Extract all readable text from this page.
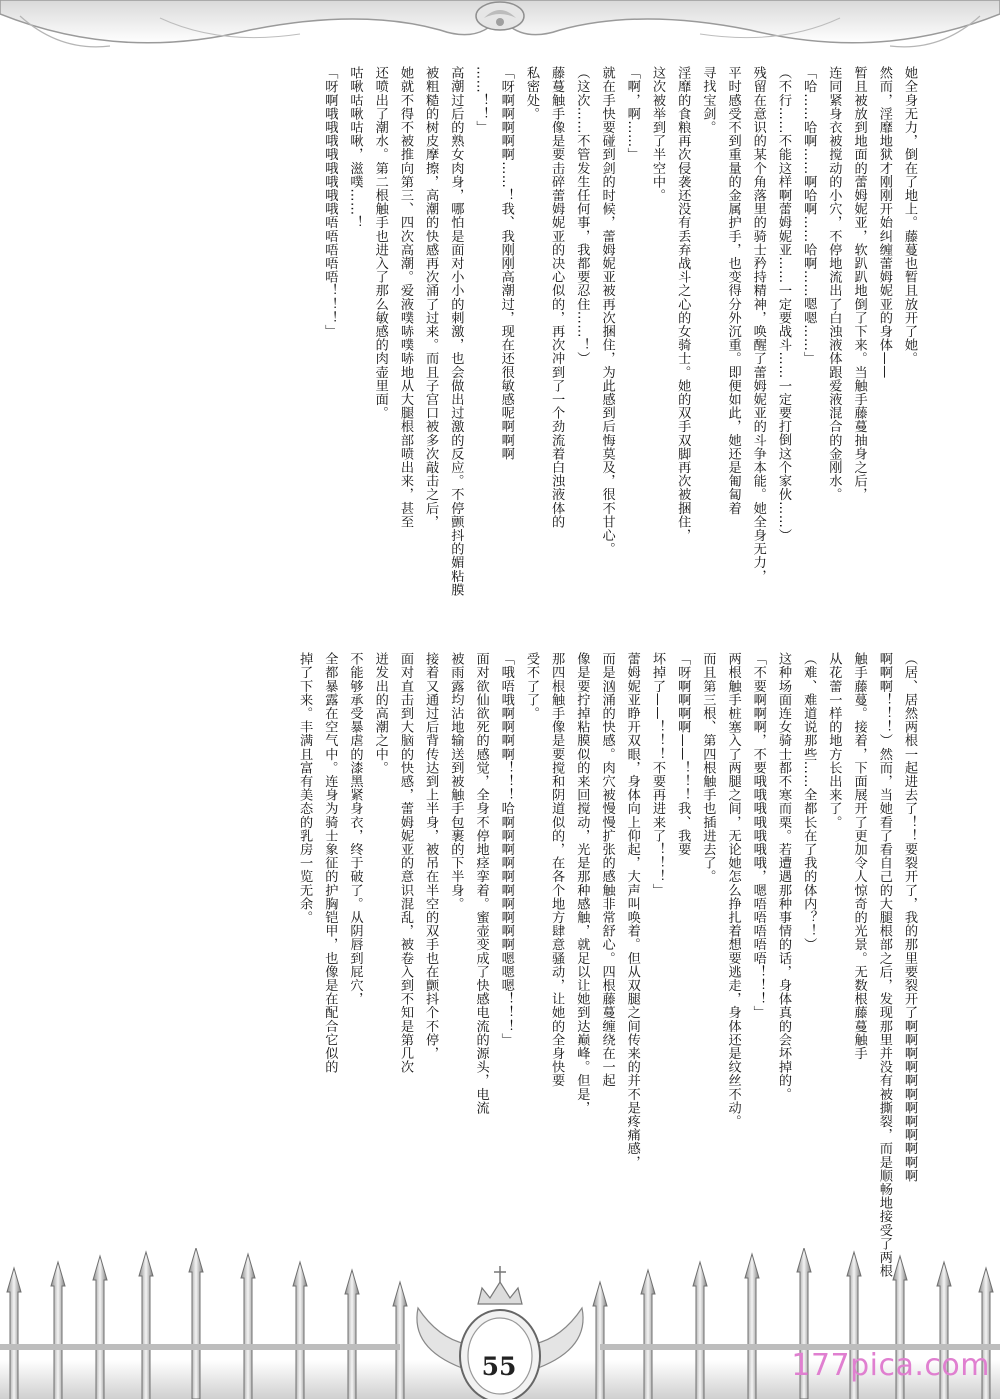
她全身无力，倒在了地上。藤蔓也暂且放开了她。
然而，淫靡地狱才刚刚开始纠缠蕾姆妮亚的身体——
暂且被放到地面的蕾姆妮亚，软趴趴地倒了下来。当触手藤蔓抽身之后，
连同紧身衣被搅动的小穴，不停地流出了白浊液体跟爱液混合的金刚水。
「哈……哈啊……啊哈啊……哈啊……嗯嗯……」
（不行……不能这样啊蕾姆妮亚……一定要战斗……一定要打倒这个家伙……）
残留在意识的某个角落里的骑士矜持精神，唤醒了蕾姆妮亚的斗争本能。她全身无力，
平时感受不到重量的金属护手，也变得分外沉重。即便如此，她还是匍匐着
寻找宝剑。
淫靡的食粮再次侵袭还没有丢弃战斗之心的女骑士。她的双手双脚再次被捆住，
这次被举到了半空中。
「啊，啊……」
就在手快要碰到剑的时候，蕾姆妮亚被再次捆住，为此感到后悔莫及，很不甘心。
（这次……不管发生任何事，我都要忍住……！）
藤蔓触手像是要击碎蕾姆妮亚的决心似的，再次冲到了一个劲流着白浊液体的
私密处。
「呀啊啊啊啊啊……！我、我刚刚高潮过，现在还很敏感呢啊啊啊
……！！」
高潮过后的熟女肉身，哪怕是面对小小的刺激，也会做出过激的反应。不停颤抖的媚粘膜
被粗糙的树皮摩擦，高潮的快感再次涌了过来。而且子宫口被多次敲击之后，
她就不得不被推向第三、四次高潮。爱液噗哧噗哧地从大腿根部喷出来，甚至
还喷出了潮水。第二根触手也进入了那么敏感的肉壶里面。
咕啾咕啾咕啾，滋噗……！
「呀啊哦哦哦哦哦哦哦哦唔唔唔唔唔！！！」
（居、居然两根一起进去了！！要裂开了，我的那里要裂开了啊啊啊啊啊啊啊啊啊啊啊啊
啊啊啊！！！）然而，当她看了看自己的大腿根部之后，发现那里并没有被撕裂，而是顺畅地接受了两根
触手藤蔓。接着，下面展开了更加令人惊奇的光景。无数根藤蔓触手
从花蕾一样的地方长出来了。
（难、难道说那些……全都长在了我的体内？！）
这种场面连女骑士都不寒而栗。若遭遇那种事情的话，身体真的会坏掉的。
「不要啊啊啊，不要哦哦哦哦哦哦哦，嗯唔唔唔唔唔！！！」
两根触手桩塞入了两腿之间，无论她怎么挣扎着想要逃走，身体还是纹丝不动。
而且第三根、第四根触手也插进去了。
「呀啊啊啊啊——！！！我、我要
坏掉了——！！！不要再进来了！！！」
蕾姆妮亚睁开双眼，身体向上仰起，大声叫唤着。但从双腿之间传来的并不是疼痛感，
而是汹涌的快感。肉穴被慢慢扩张的感触非常舒心。四根藤蔓缠绕在一起
像是要拧掉粘膜似的来回搅动，光是那种感触，就足以让她到达巅峰。但是，
那四根触手像是要搅和阴道似的，在各个地方肆意骚动，让她的全身快要
受不了了。
「哦唔哦啊啊啊啊！！！哈啊啊啊啊啊啊啊啊啊啊嗯嗯嗯！！！」
面对欲仙欲死的感觉，全身不停地痉挛着。蜜壶变成了快感电流的源头，电流
被雨露均沾地输送到被触手包裹的下半身。
接着又通过后背传达到上半身，被吊在半空的双手也在颤抖个不停，
面对直击到大脑的快感，蕾姆妮亚的意识混乱，被卷入到不知是第几次
迸发出的高潮之中。
不能够承受暴虐的漆黑紧身衣，终于破了。从阴唇到屁穴，
全都暴露在空气中。连身为骑士象征的护胸铠甲，也像是在配合它似的
掉了下来。丰满且富有美态的乳房一览无余。
55	177pica.com
